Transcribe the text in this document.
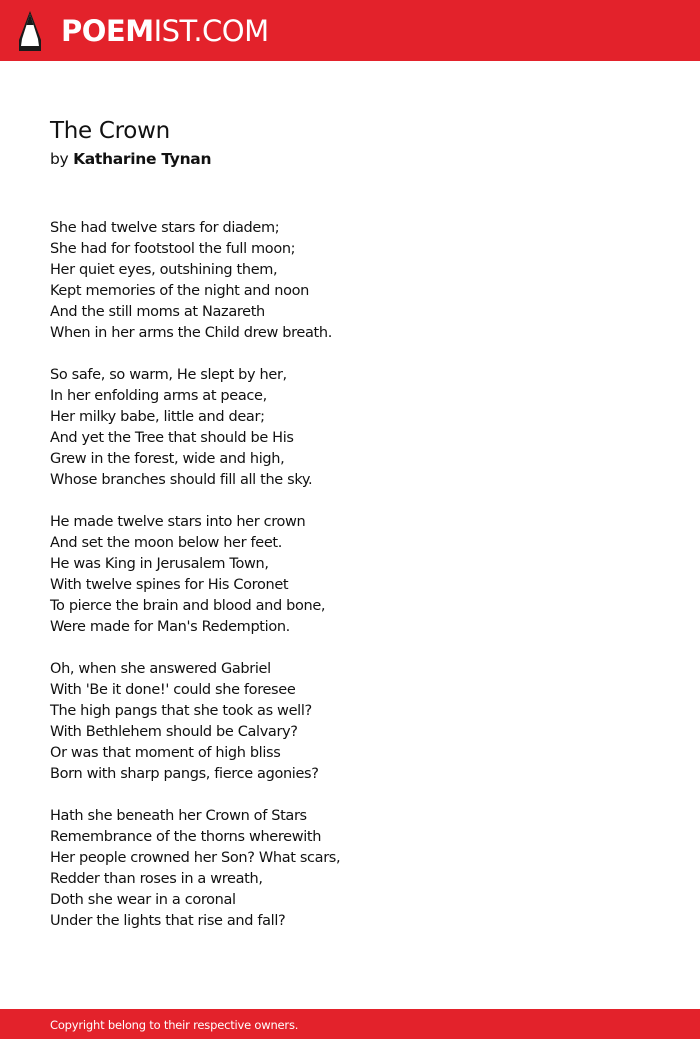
POEMIST.COM
The Crown
by Katharine Tynan
She had twelve stars for diadem;
She had for footstool the full moon;
Her quiet eyes, outshining them,
Kept memories of the night and noon
And the still moms at Nazareth
When in her arms the Child drew breath.
So safe, so warm, He slept by her,
In her enfolding arms at peace,
Her milky babe, little and dear;
And yet the Tree that should be His
Grew in the forest, wide and high,
Whose branches should fill all the sky.
He made twelve stars into her crown
And set the moon below her feet.
He was King in Jerusalem Town,
With twelve spines for His Coronet
To pierce the brain and blood and bone,
Were made for Man's Redemption.
Oh, when she answered Gabriel
With 'Be it done!' could she foresee
The high pangs that she took as well?
With Bethlehem should be Calvary?
Or was that moment of high bliss
Born with sharp pangs, fierce agonies?
Hath she beneath her Crown of Stars
Remembrance of the thorns wherewith
Her people crowned her Son? What scars,
Redder than roses in a wreath,
Doth she wear in a coronal
Under the lights that rise and fall?
Copyright belong to their respective owners.
